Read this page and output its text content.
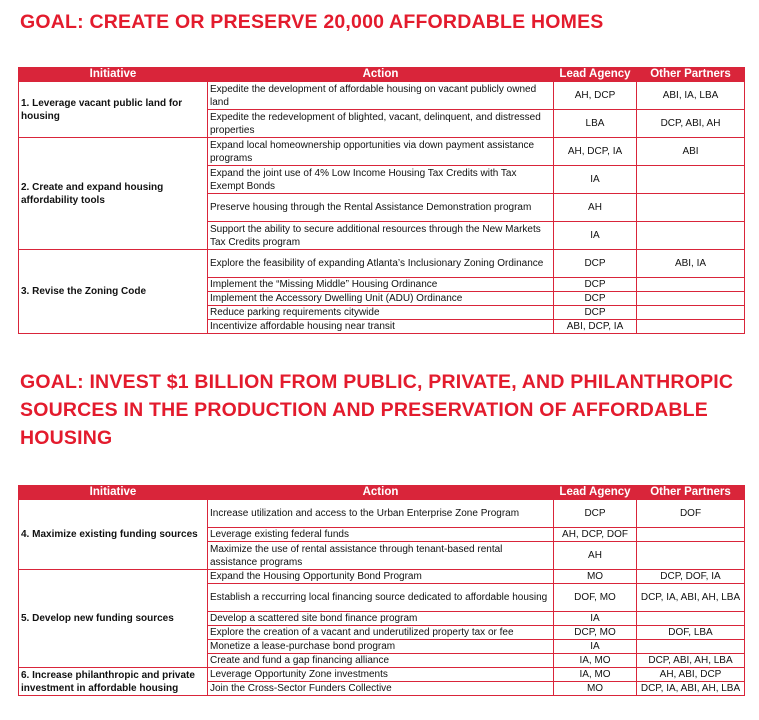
GOAL: CREATE OR PRESERVE 20,000 AFFORDABLE HOMES
Initiative	Action	Lead Agency	Other Partners
1. Leverage vacant public land for housing	Expedite the development of affordable housing on vacant publicly owned land	AH, DCP	ABI, IA, LBA
	Expedite the redevelopment of blighted, vacant, delinquent, and distressed properties	LBA	DCP, ABI, AH
2. Create and expand housing affordability tools	Expand local homeownership opportunities via down payment assistance programs	AH, DCP, IA	ABI
	Expand the joint use of 4% Low Income Housing Tax Credits with Tax Exempt Bonds	IA	
	Preserve housing through the Rental Assistance Demonstration program	AH	
	Support the ability to secure additional resources through the New Markets Tax Credits program	IA	
3. Revise the Zoning Code	Explore the feasibility of expanding Atlanta’s Inclusionary Zoning Ordinance	DCP	ABI, IA
	Implement the “Missing Middle” Housing Ordinance	DCP	
	Implement the Accessory Dwelling Unit (ADU) Ordinance	DCP	
	Reduce parking requirements citywide	DCP	
	Incentivize affordable housing near transit	ABI, DCP, IA	
GOAL: INVEST $1 BILLION FROM PUBLIC, PRIVATE, AND PHILANTHROPIC SOURCES IN THE PRODUCTION AND PRESERVATION OF AFFORDABLE HOUSING
Initiative	Action	Lead Agency	Other Partners
4. Maximize existing funding sources	Increase utilization and access to the Urban Enterprise Zone Program	DCP	DOF
	Leverage existing federal funds	AH, DCP, DOF	
	Maximize the use of rental assistance through tenant-based rental assistance programs	AH	
5. Develop new funding sources	Expand the Housing Opportunity Bond Program	MO	DCP, DOF, IA
	Establish a reccurring local financing source dedicated to affordable housing	DOF, MO	DCP, IA, ABI, AH, LBA
	Develop a scattered site bond finance program	IA	
	Explore the creation of a vacant and underutilized property tax or fee	DCP, MO	DOF, LBA
	Monetize a lease-purchase bond program	IA	
	Create and fund a gap financing alliance	IA, MO	DCP, ABI, AH, LBA
6. Increase philanthropic and private investment in affordable housing	Leverage Opportunity Zone investments	IA, MO	AH, ABI, DCP
	Join the Cross-Sector Funders Collective	MO	DCP, IA, ABI, AH, LBA
